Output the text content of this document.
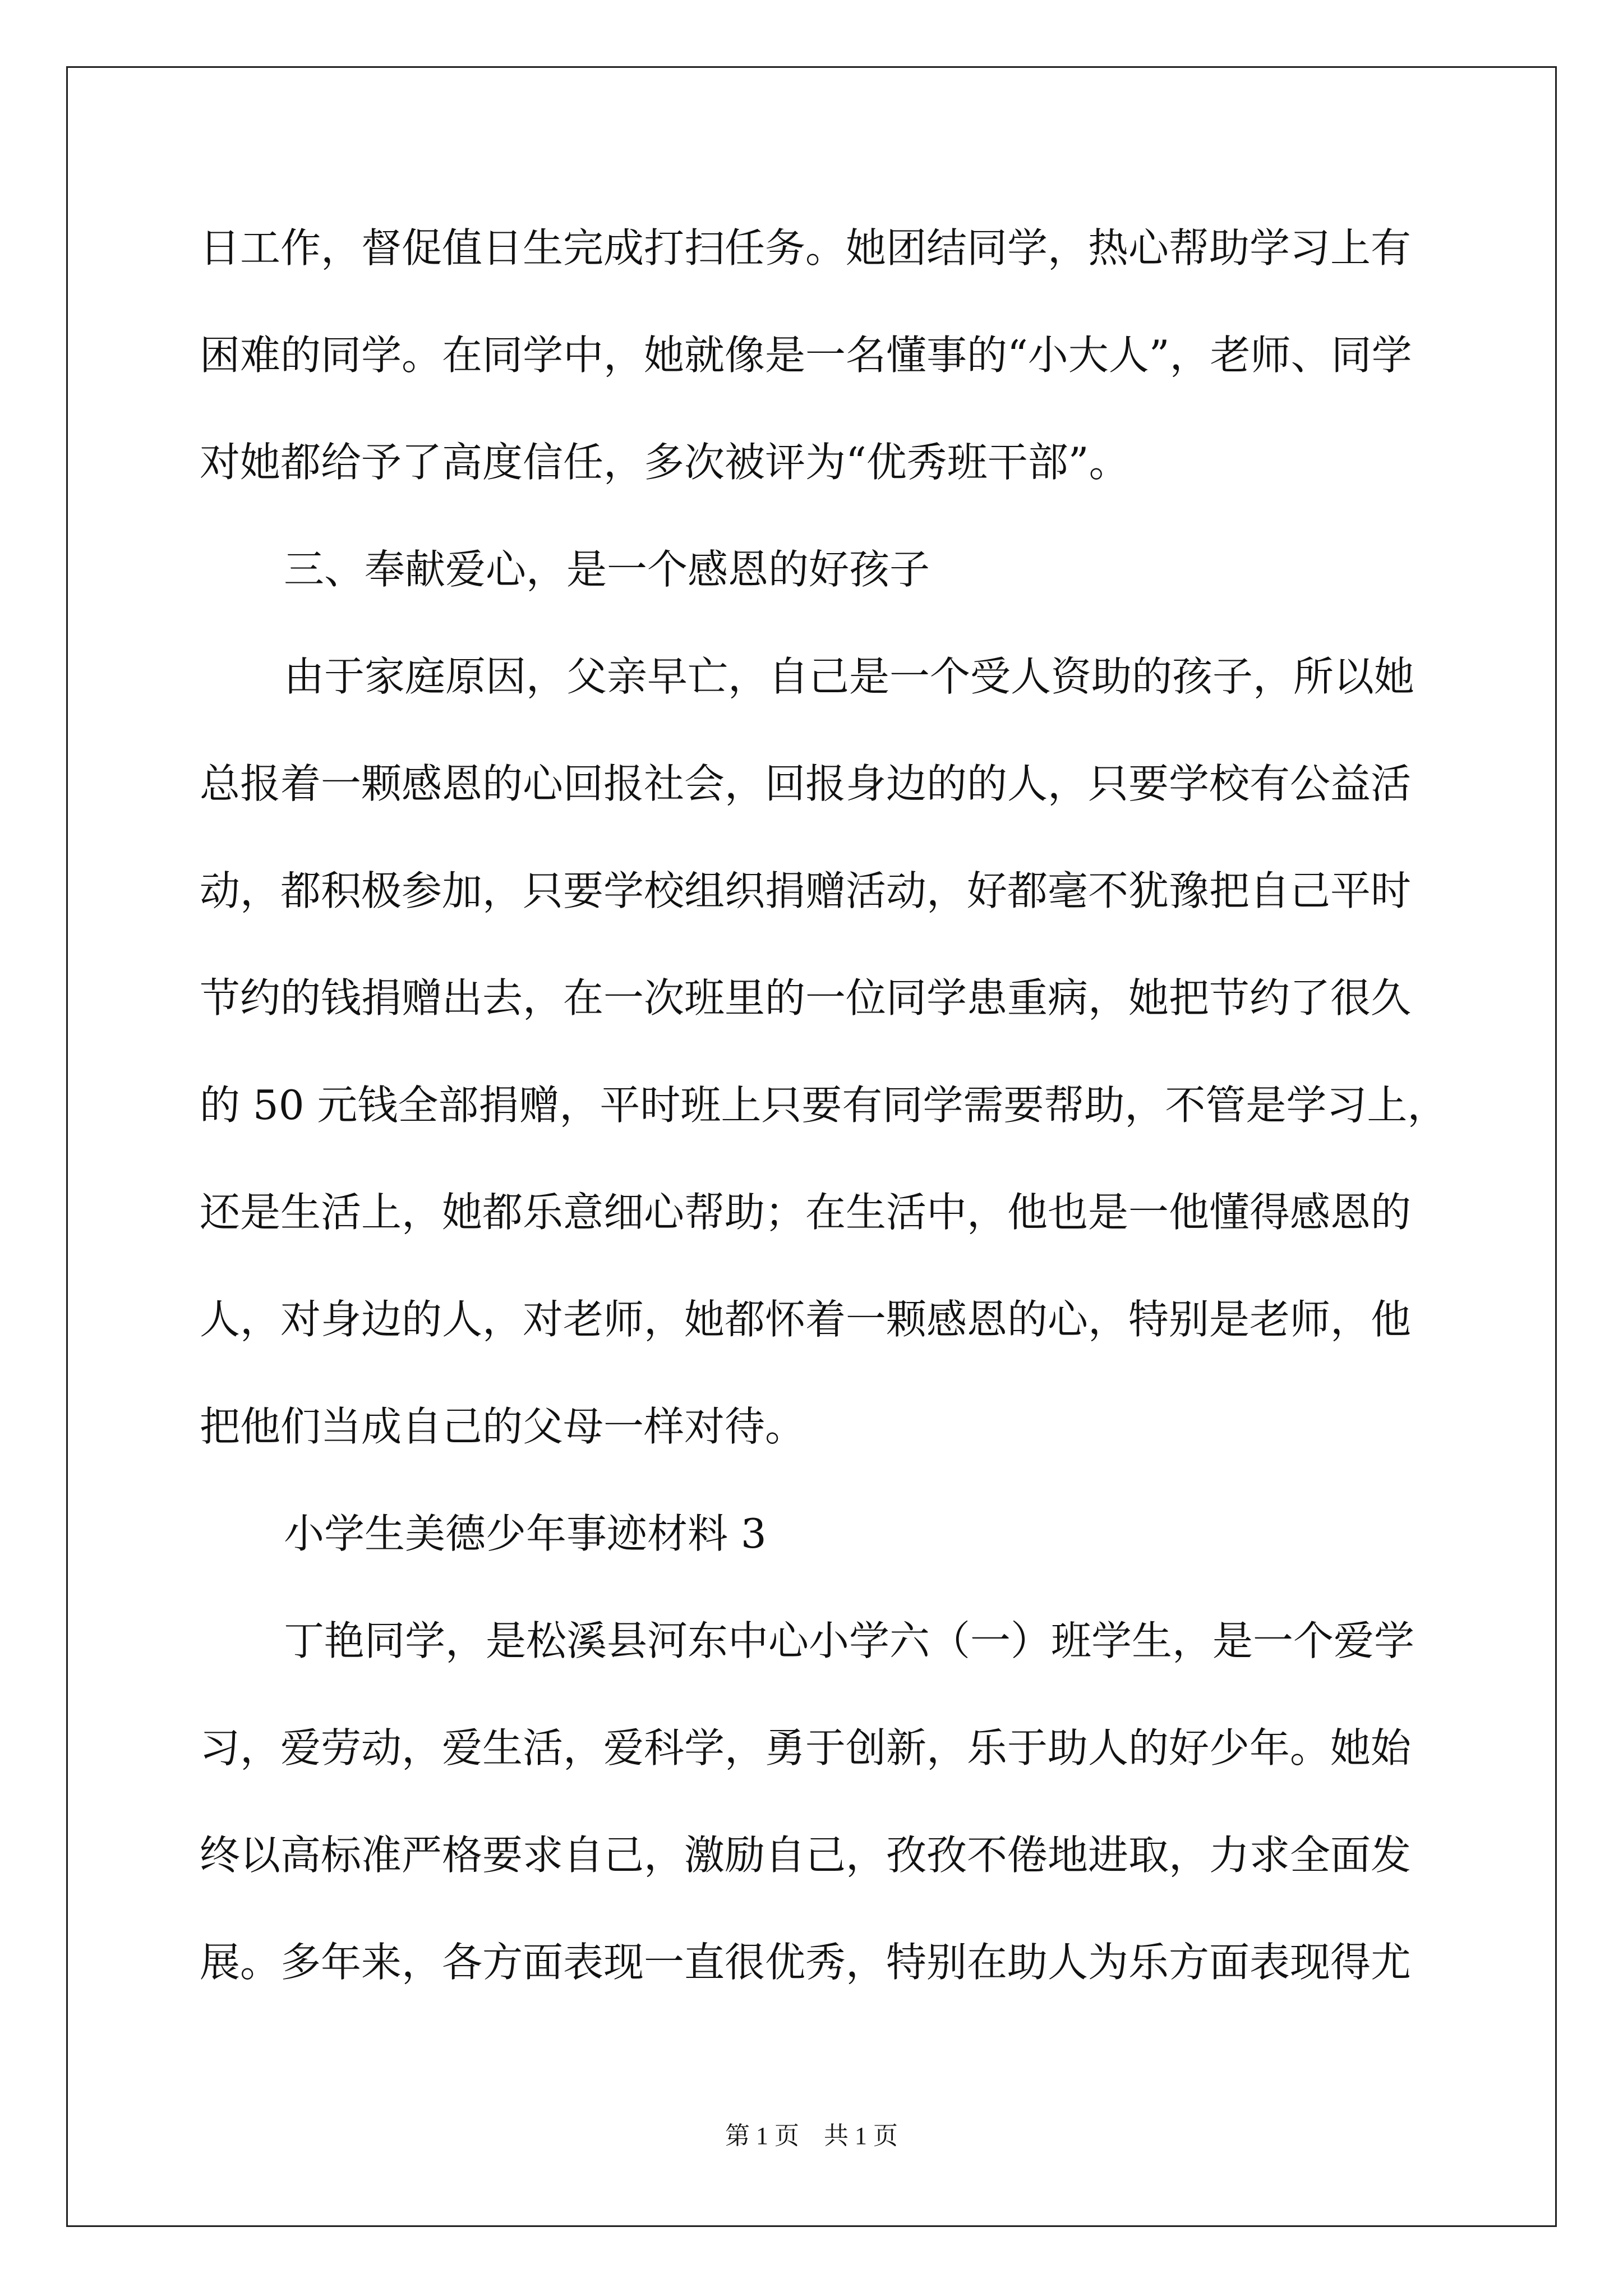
日工作，督促值日生完成打扫任务。她团结同学，热心帮助学习上有
困难的同学。在同学中，她就像是一名懂事的“小大人”，老师、同学
对她都给予了高度信任，多次被评为“优秀班干部”。
三、奉献爱心，是一个感恩的好孩子
由于家庭原因，父亲早亡，自己是一个受人资助的孩子，所以她
总报着一颗感恩的心回报社会，回报身边的的人，只要学校有公益活
动，都积极参加，只要学校组织捐赠活动，好都毫不犹豫把自己平时
节约的钱捐赠出去，在一次班里的一位同学患重病，她把节约了很久
的 50 元钱全部捐赠，平时班上只要有同学需要帮助，不管是学习上，
还是生活上，她都乐意细心帮助；在生活中，他也是一他懂得感恩的
人，对身边的人，对老师，她都怀着一颗感恩的心，特别是老师，他
把他们当成自己的父母一样对待。
小学生美德少年事迹材料 3
丁艳同学，是松溪县河东中心小学六（一）班学生，是一个爱学
习，爱劳动，爱生活，爱科学，勇于创新，乐于助人的好少年。她始
终以高标准严格要求自己，激励自己，孜孜不倦地进取，力求全面发
展。多年来，各方面表现一直很优秀，特别在助人为乐方面表现得尤
第 1 页 共 1 页
